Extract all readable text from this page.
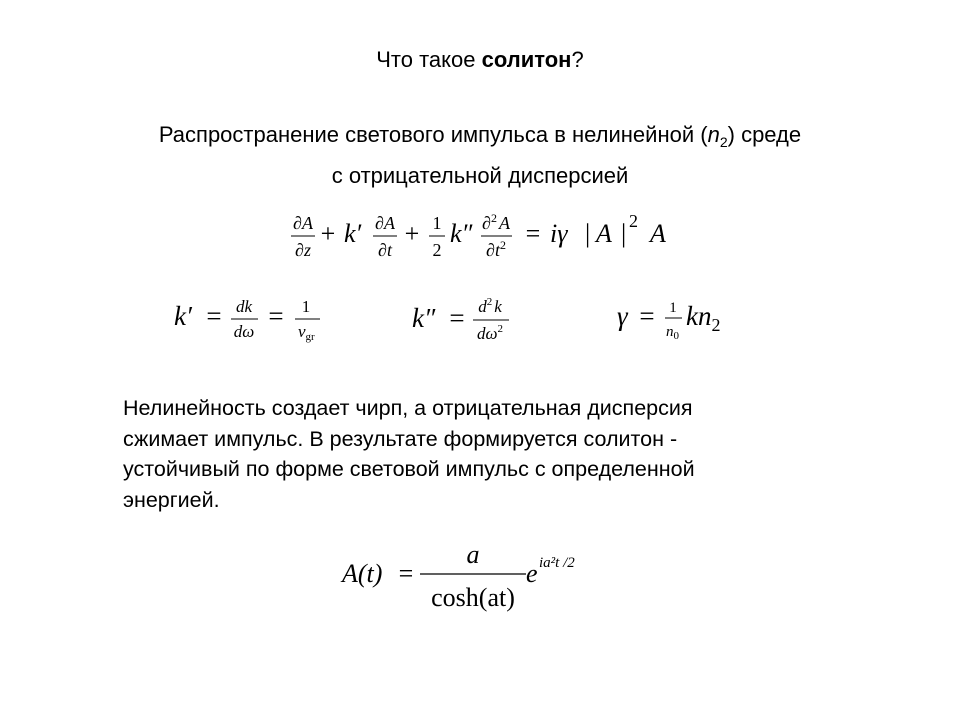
Что такое солитон?
Распространение светового импульса в нелинейной $(n_2)$ среде
с отрицательной дисперсией
∂A
∂z
+ k′ ∂A
∂t
+ 1
2
k″ ∂$^2$ A
$\partial t^2 = i\gamma$ | A | 2 A
k′ = dk
dω
= 1
vgr
$k'' = d^2$ k
$d\omega^2$	γ = 1
$n_0$
$kn_2$
Нелинейность создает чирп, а отрицательная дисперсия
сжимает импульс. В результате формируется солитон -
устойчивый по форме световой импульс с определенной
энергией.
A(t) =
a
cosh(at)
e ia²t /2
